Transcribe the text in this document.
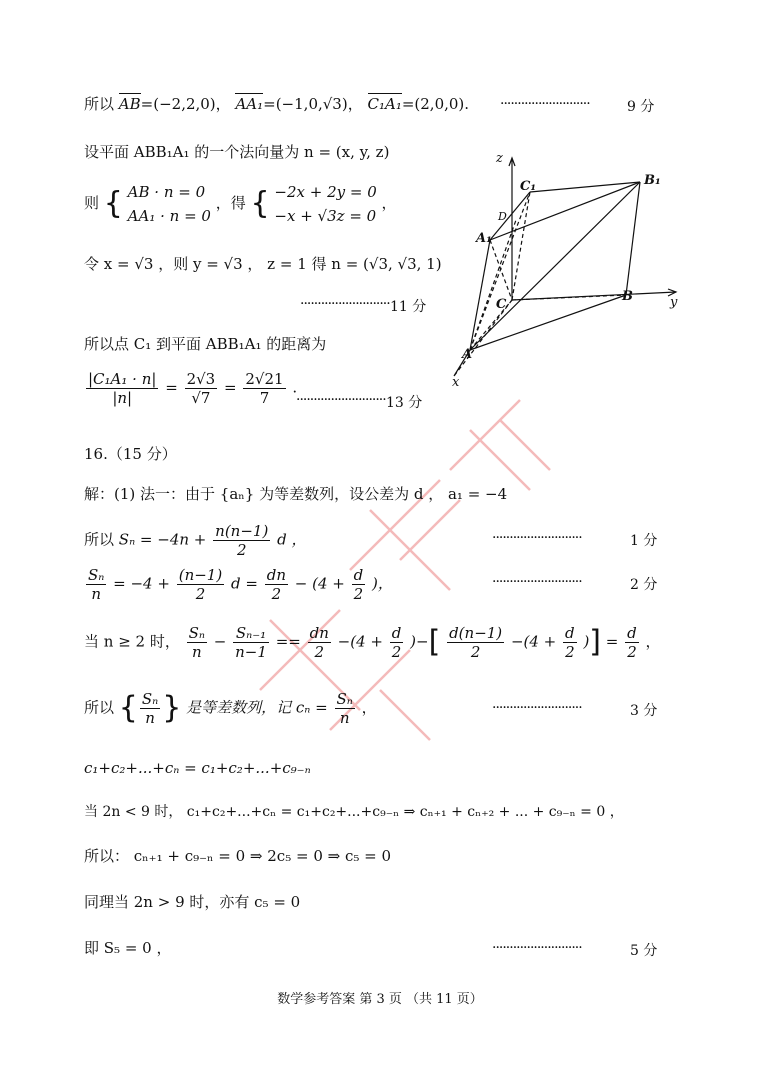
所以 AB=(−2,2,0)， AA₁=(−1,0,√3)， C₁A₁=(2,0,0). ··························	9 分
设平面 ABB₁A₁ 的一个法向量为 n = (x, y, z)
则 { AB · n = 0
AA₁ · n = 0
，得 { −2x + 2y = 0
−x + √3z = 0
，
令 x = √3 ，则 y = √3 ， z = 1 得 n = (√3, √3, 1)
·························· 11 分
所以点 C₁ 到平面 ABB₁A₁ 的距离为
$\frac{\text{|C₁A₁ · n|}}{|n|} = \frac{2√3}{√7} = \frac{2√21}{7}$ .
·························· 13 分
16.（15 分）
解：(1) 法一：由于 {aₙ} 为等差数列，设公差为 d ， a₁ = −4
所以 $S_n = -4n + \frac{n(n-1)}{2}$ d ，	··························	1 分
$\frac{\text{Sₙ}}{n} = -4 + \frac{(n-1)}{2}$ $d = \frac{dn}{2} - (4 + \frac{d}{2}$ )，	··························	2 分
当 n ≥ 2 时， $\frac{\text{Sₙ}}{n} - \frac{\text{Sₙ₋₁}}{n-1} == \frac{dn}{2} -(4 + \frac{d}{2}$ )−[ $\frac{d(n-1)}{2} -(4 + \frac{d}{2}$ )] = $\frac{d}{2}$ ，
所以 { $\frac{\text{Sₙ}}{n}$ } 是等差数列，记 $c_n = \frac{\text{Sₙ}}{n}$ ，	··························	3 分
c₁+c₂+...+cₙ = c₁+c₂+...+c₉₋ₙ
当 2n < 9 时， c₁+c₂+...+cₙ = c₁+c₂+...+c₉₋ₙ ⇒ cₙ₊₁ + cₙ₊₂ + ... + c₉₋ₙ = 0 ，
所以： cₙ₊₁ + c₉₋ₙ = 0 ⇒ 2c₅ = 0 ⇒ c₅ = 0
同理当 2n > 9 时，亦有 c₅ = 0
即 S₅ = 0 ，	··························	5 分
数学参考答案 第 3 页 （共 11 页）
z
y
x
C₁	B₁
D
A₁
C
B
A
